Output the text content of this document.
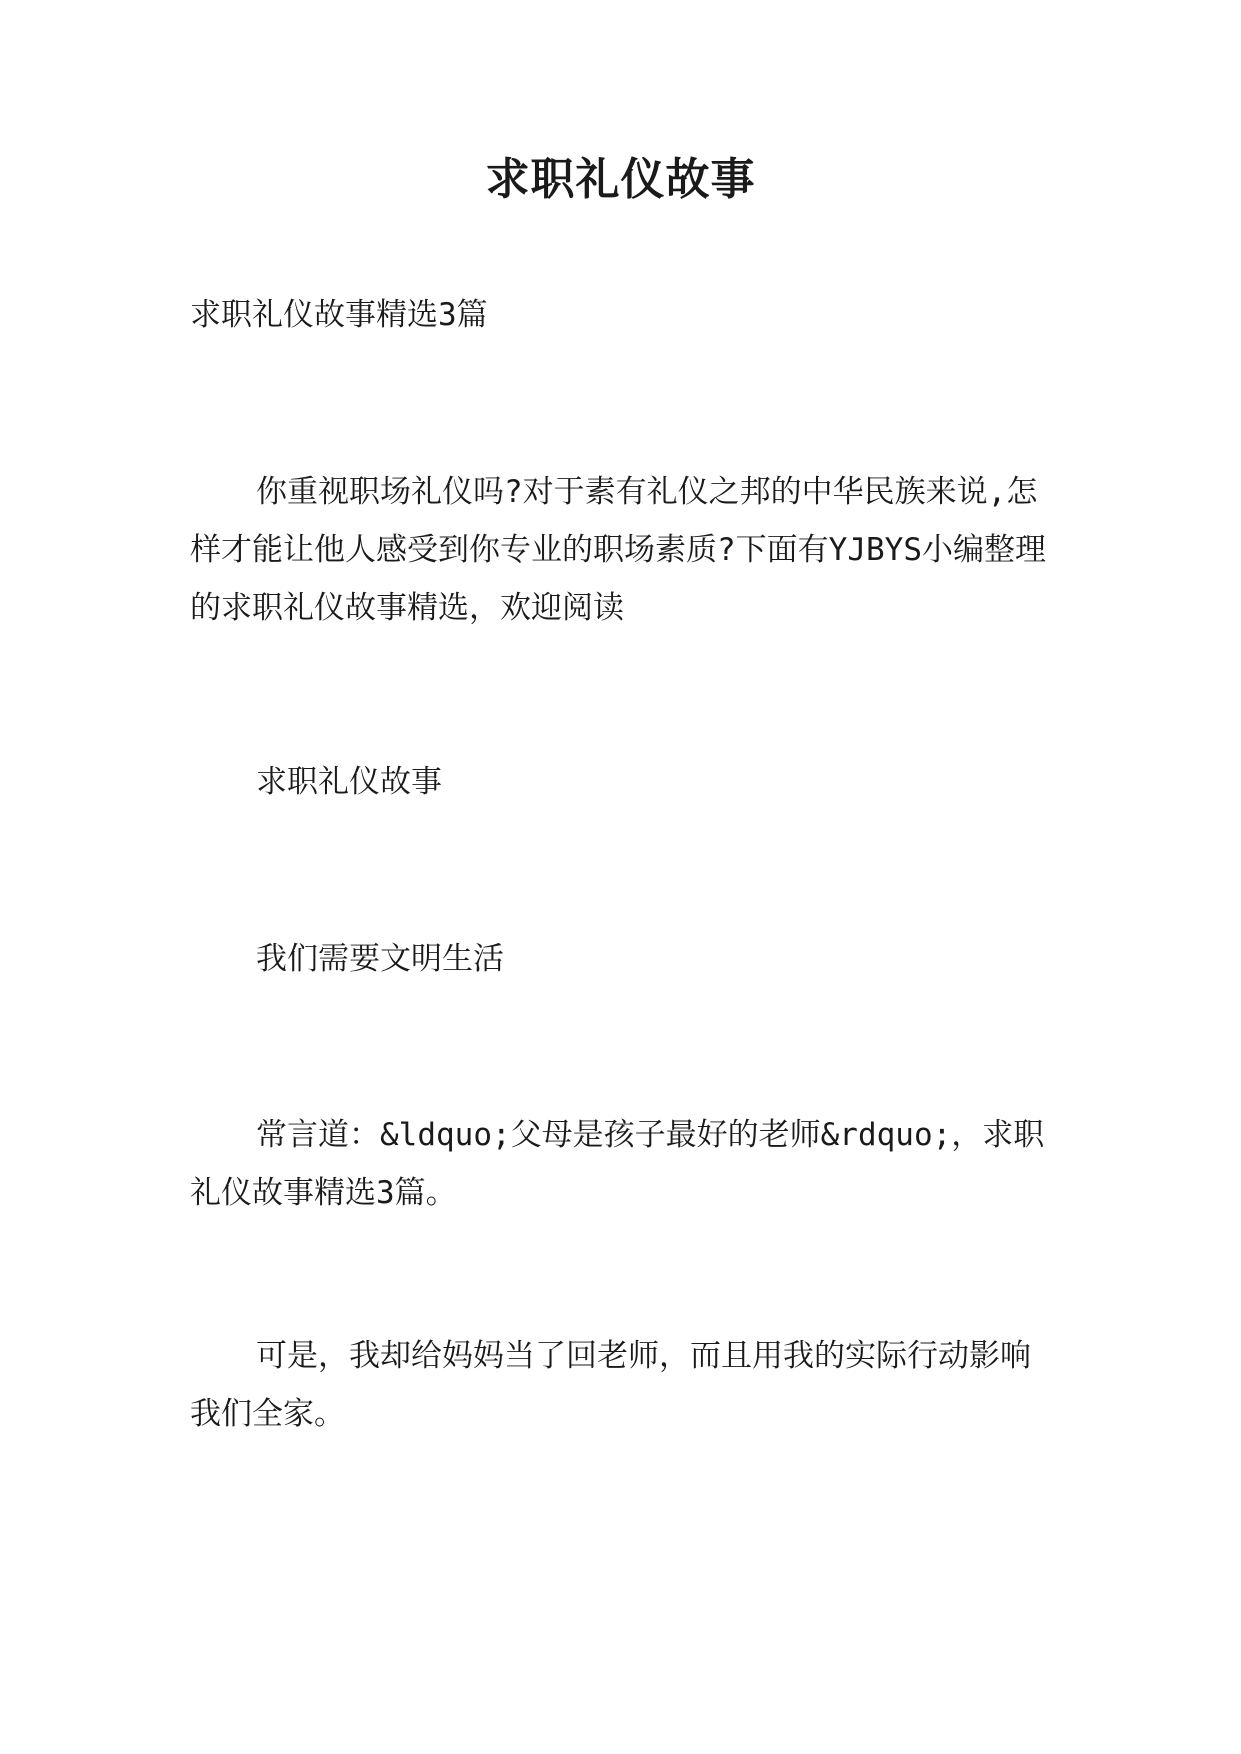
求职礼仪故事

求职礼仪故事精选3篇

你重视职场礼仪吗?对于素有礼仪之邦的中华民族来说,怎样才能让他人感受到你专业的职场素质?下面有YJBYS小编整理的求职礼仪故事精选，欢迎阅读

求职礼仪故事

我们需要文明生活

常言道：&ldquo;父母是孩子最好的老师&rdquo;，求职礼仪故事精选3篇。

可是，我却给妈妈当了回老师，而且用我的实际行动影响我们全家。
